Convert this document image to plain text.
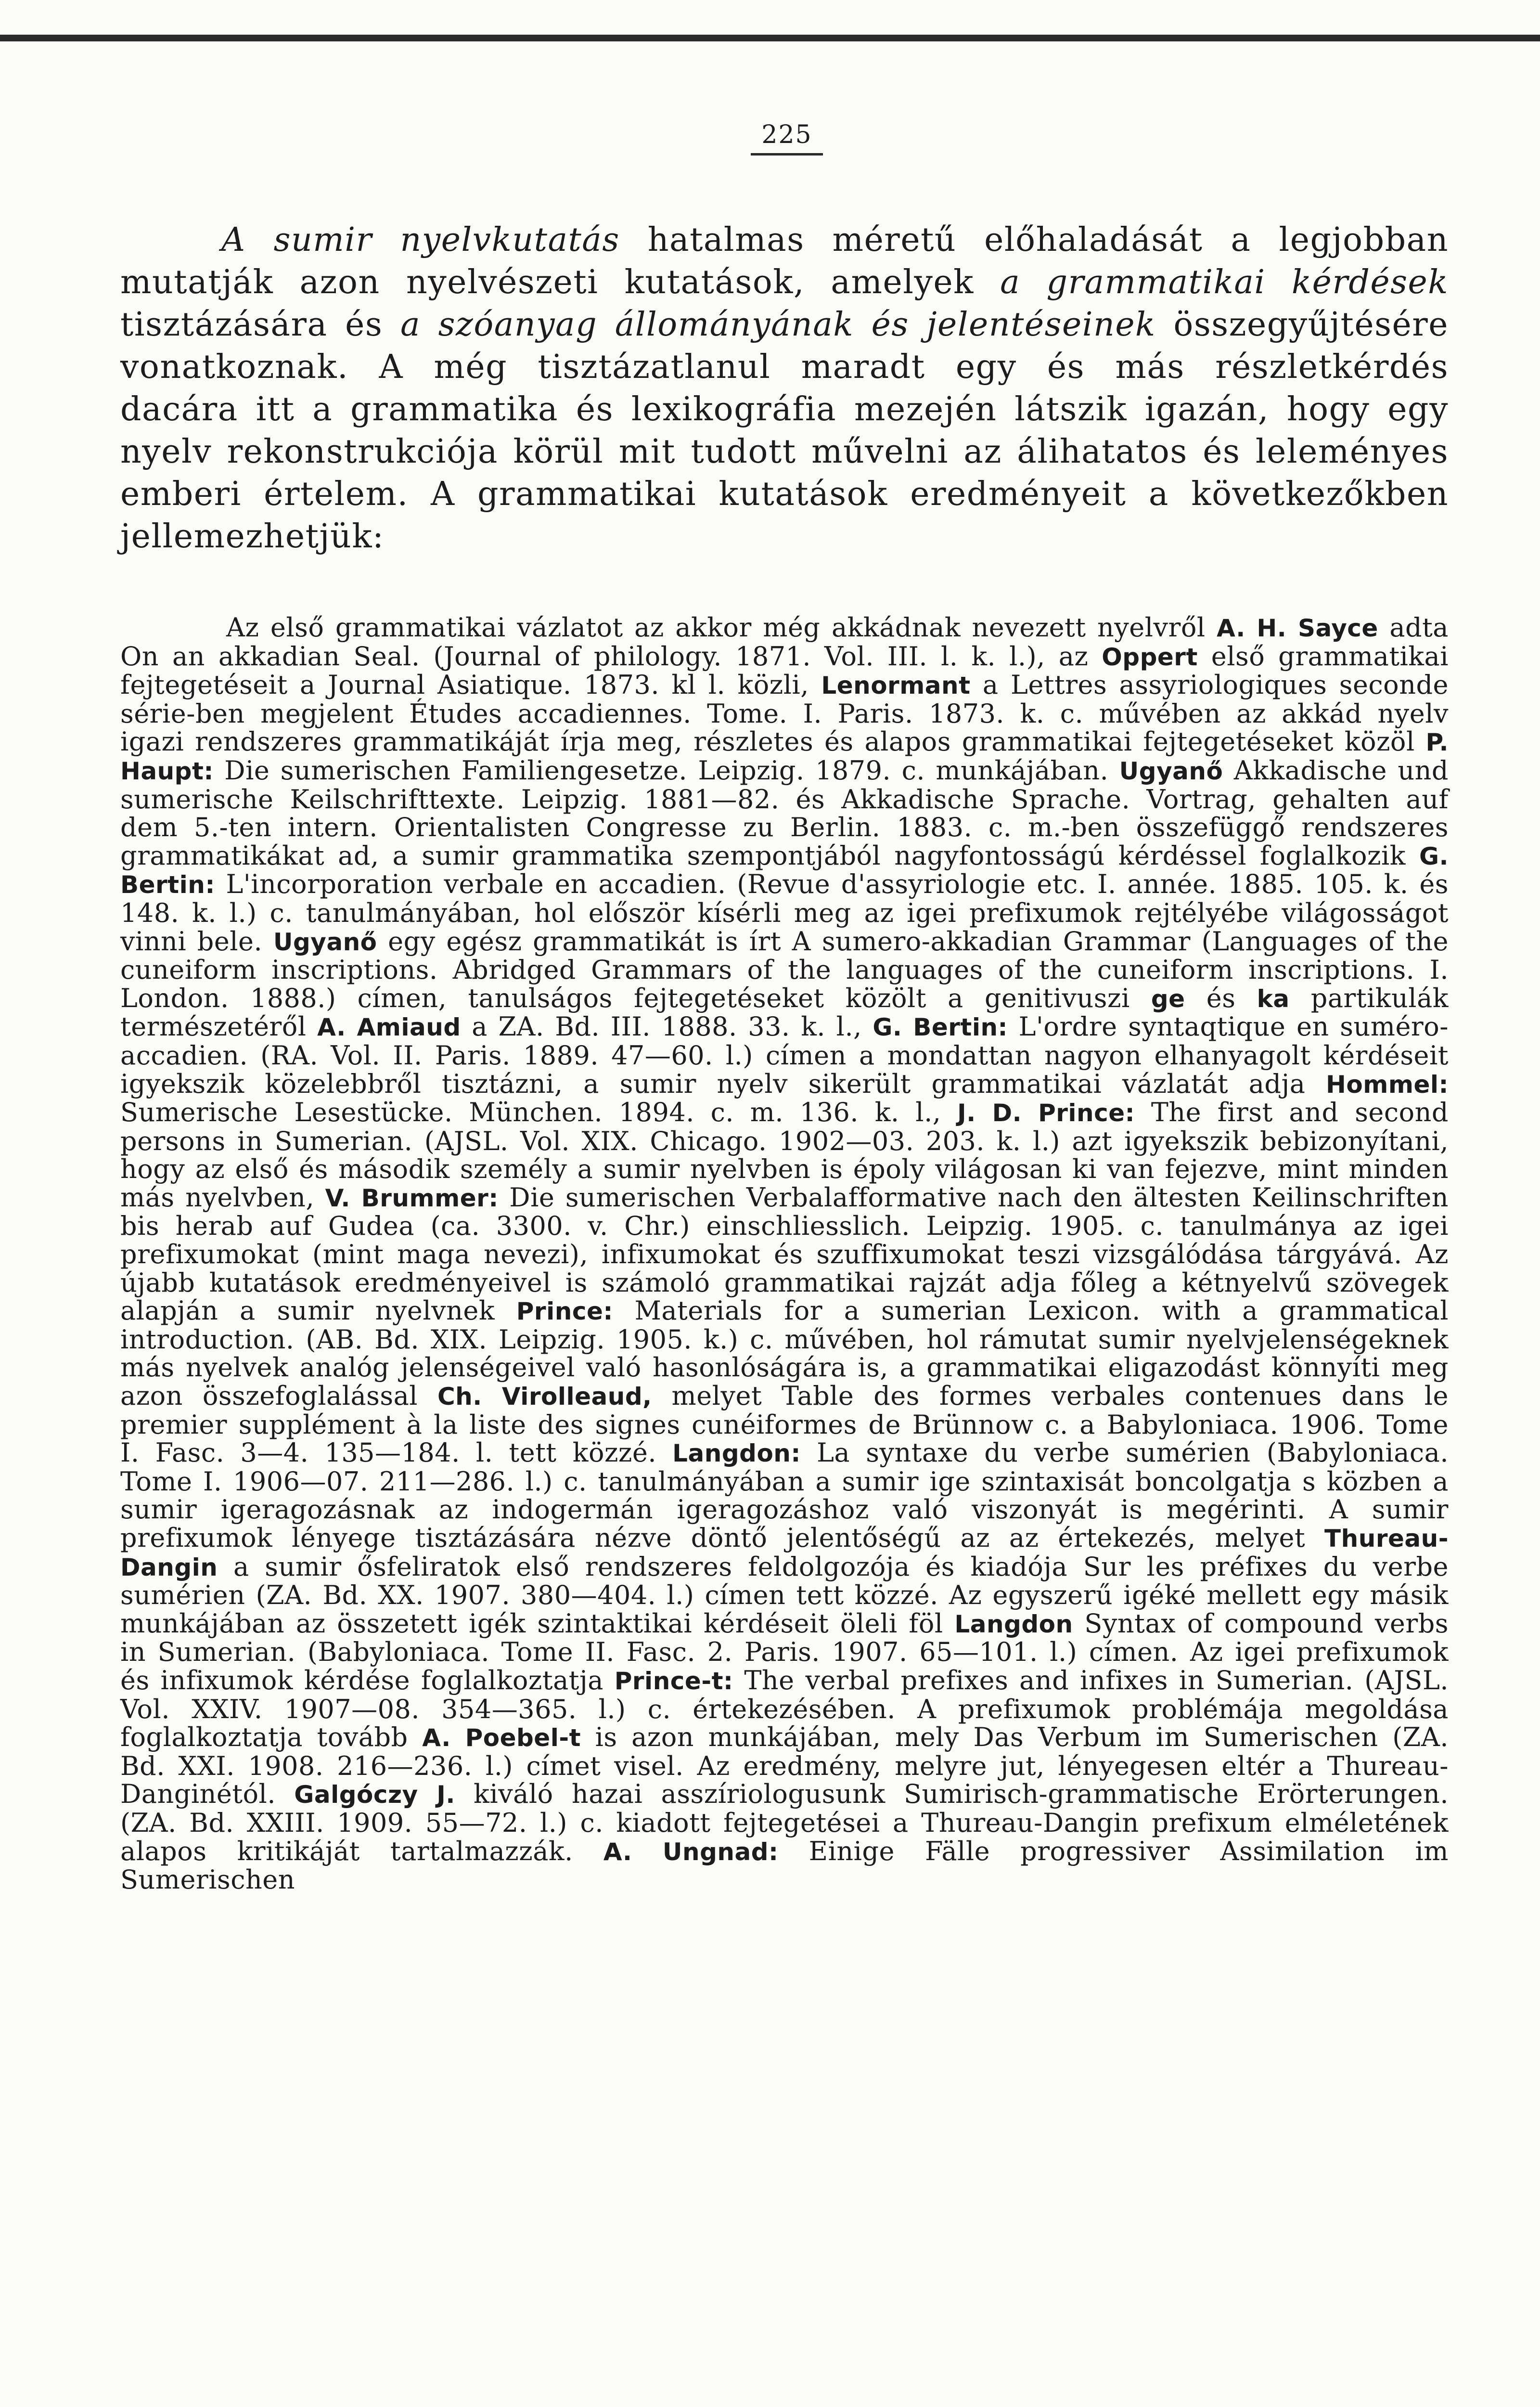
225

A sumir nyelvkutatás hatalmas méretű előhaladását a legjobban mutatják azon nyelvészeti kutatások, amelyek a grammatikai kérdések tisztázására és a szóanyag állományának és jelentéseinek összegyűjtésére vonatkoznak. A még tisztázatlanul maradt egy és más részletkérdés dacára itt a grammatika és lexikográfia mezején látszik igazán, hogy egy nyelv rekonstrukciója körül mit tudott művelni az álihatatos és leleményes emberi értelem. A grammatikai kutatások eredményeit a következőkben jellemezhetjük:

Az első grammatikai vázlatot az akkor még akkádnak nevezett nyelvről A. H. Sayce adta On an akkadian Seal. (Journal of philology. 1871. Vol. III. l. k. l.), az Oppert első grammatikai fejtegetéseit a Journal Asiatique. 1873. kl l. közli, Lenormant a Lettres assyriologiques seconde série-ben megjelent Études accadiennes. Tome. I. Paris. 1873. k. c. művében az akkád nyelv igazi rendszeres grammatikáját írja meg, részletes és alapos grammatikai fejtegetéseket közöl P. Haupt: Die sumerischen Familiengesetze. Leipzig. 1879. c. munkájában. Ugyanő Akkadische und sumerische Keilschrifttexte. Leipzig. 1881—82. és Akkadische Sprache. Vortrag, gehalten auf dem 5.-ten intern. Orientalisten Congresse zu Berlin. 1883. c. m.-ben összefüggő rendszeres grammatikákat ad, a sumir grammatika szempontjából nagyfontosságú kérdéssel foglalkozik G. Bertin: L'incorporation verbale en accadien. (Revue d'assyriologie etc. I. année. 1885. 105. k. és 148. k. l.) c. tanulmányában, hol először kísérli meg az igei prefixumok rejtélyébe világosságot vinni bele. Ugyanő egy egész grammatikát is írt A sumero-akkadian Grammar (Languages of the cuneiform inscriptions. Abridged Grammars of the languages of the cuneiform inscriptions. I. London. 1888.) címen, tanulságos fejtegetéseket közölt a genitivuszi ge és ka partikulák természetéről A. Amiaud a ZA. Bd. III. 1888. 33. k. l., G. Bertin: L'ordre syntaqtique en suméro-accadien. (RA. Vol. II. Paris. 1889. 47—60. l.) címen a mondattan nagyon elhanyagolt kérdéseit igyekszik közelebbről tisztázni, a sumir nyelv sikerült grammatikai vázlatát adja Hommel: Sumerische Lesestücke. München. 1894. c. m. 136. k. l., J. D. Prince: The first and second persons in Sumerian. (AJSL. Vol. XIX. Chicago. 1902—03. 203. k. l.) azt igyekszik bebizonyítani, hogy az első és második személy a sumir nyelvben is époly világosan ki van fejezve, mint minden más nyelvben, V. Brummer: Die sumerischen Verbalafformative nach den ältesten Keilinschriften bis herab auf Gudea (ca. 3300. v. Chr.) einschliesslich. Leipzig. 1905. c. tanulmánya az igei prefixumokat (mint maga nevezi), infixumokat és szuffixumokat teszi vizsgálódása tárgyává. Az újabb kutatások eredményeivel is számoló grammatikai rajzát adja főleg a kétnyelvű szövegek alapján a sumir nyelvnek Prince: Materials for a sumerian Lexicon. with a grammatical introduction. (AB. Bd. XIX. Leipzig. 1905. k.) c. művében, hol rámutat sumir nyelvjelenségeknek más nyelvek analóg jelenségeivel való hasonlóságára is, a grammatikai eligazodást könnyíti meg azon összefoglalással Ch. Virolleaud, melyet Table des formes verbales contenues dans le premier supplément à la liste des signes cunéiformes de Brünnow c. a Babyloniaca. 1906. Tome I. Fasc. 3—4. 135—184. l. tett közzé. Langdon: La syntaxe du verbe sumérien (Babyloniaca. Tome I. 1906—07. 211—286. l.) c. tanulmányában a sumir ige szintaxisát boncolgatja s közben a sumir igeragozásnak az indogermán igeragozáshoz való viszonyát is megérinti. A sumir prefixumok lényege tisztázására nézve döntő jelentőségű az az értekezés, melyet Thureau-Dangin a sumir ősfeliratok első rendszeres feldolgozója és kiadója Sur les préfixes du verbe sumérien (ZA. Bd. XX. 1907. 380—404. l.) címen tett közzé. Az egyszerű igéké mellett egy másik munkájában az összetett igék szintaktikai kérdéseit öleli föl Langdon Syntax of compound verbs in Sumerian. (Babyloniaca. Tome II. Fasc. 2. Paris. 1907. 65—101. l.) címen. Az igei prefixumok és infixumok kérdése foglalkoztatja Prince-t: The verbal prefixes and infixes in Sumerian. (AJSL. Vol. XXIV. 1907—08. 354—365. l.) c. értekezésében. A prefixumok problémája megoldása foglalkoztatja tovább A. Poebel-t is azon munkájában, mely Das Verbum im Sumerischen (ZA. Bd. XXI. 1908. 216—236. l.) címet visel. Az eredmény, melyre jut, lényegesen eltér a Thureau-Danginétól. Galgóczy J. kiváló hazai asszíriologusunk Sumirisch-grammatische Erörterungen. (ZA. Bd. XXIII. 1909. 55—72. l.) c. kiadott fejtegetései a Thureau-Dangin prefixum elméletének alapos kritikáját tartalmazzák. A. Ungnad: Einige Fälle progressiver Assimilation im Sumerischen
